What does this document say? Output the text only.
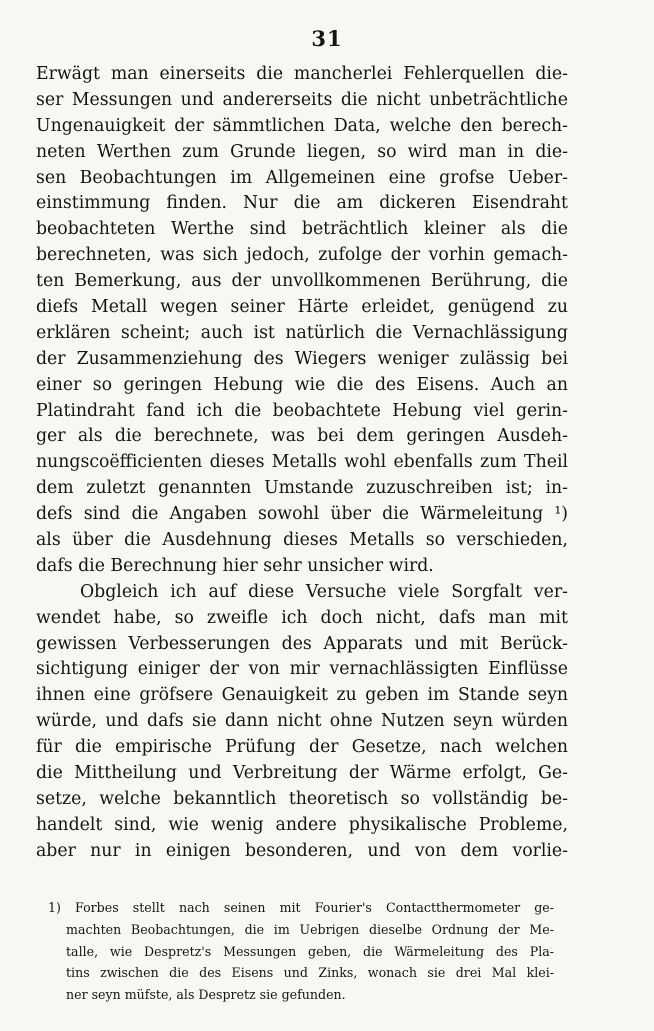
31
Erwägt man einerseits die mancherlei Fehlerquellen die-
ser Messungen und andererseits die nicht unbeträchtliche
Ungenauigkeit der sämmtlichen Data, welche den berech-
neten Werthen zum Grunde liegen, so wird man in die-
sen Beobachtungen im Allgemeinen eine grofse Ueber-
einstimmung finden. Nur die am dickeren Eisendraht
beobachteten Werthe sind beträchtlich kleiner als die
berechneten, was sich jedoch, zufolge der vorhin gemach-
ten Bemerkung, aus der unvollkommenen Berührung, die
diefs Metall wegen seiner Härte erleidet, genügend zu
erklären scheint; auch ist natürlich die Vernachlässigung
der Zusammenziehung des Wiegers weniger zulässig bei
einer so geringen Hebung wie die des Eisens. Auch an
Platindraht fand ich die beobachtete Hebung viel gerin-
ger als die berechnete, was bei dem geringen Ausdeh-
nungscoëfficienten dieses Metalls wohl ebenfalls zum Theil
dem zuletzt genannten Umstande zuzuschreiben ist; in-
defs sind die Angaben sowohl über die Wärmeleitung ¹)
als über die Ausdehnung dieses Metalls so verschieden,
dafs die Berechnung hier sehr unsicher wird.
Obgleich ich auf diese Versuche viele Sorgfalt ver-
wendet habe, so zweifle ich doch nicht, dafs man mit
gewissen Verbesserungen des Apparats und mit Berück-
sichtigung einiger der von mir vernachlässigten Einflüsse
ihnen eine gröfsere Genauigkeit zu geben im Stande seyn
würde, und dafs sie dann nicht ohne Nutzen seyn würden
für die empirische Prüfung der Gesetze, nach welchen
die Mittheilung und Verbreitung der Wärme erfolgt, Ge-
setze, welche bekanntlich theoretisch so vollständig be-
handelt sind, wie wenig andere physikalische Probleme,
aber nur in einigen besonderen, und von dem vorlie-
1) Forbes stellt nach seinen mit Fourier's Contactthermometer ge-
machten Beobachtungen, die im Uebrigen dieselbe Ordnung der Me-
talle, wie Despretz's Messungen geben, die Wärmeleitung des Pla-
tins zwischen die des Eisens und Zinks, wonach sie drei Mal klei-
ner seyn müfste, als Despretz sie gefunden.
